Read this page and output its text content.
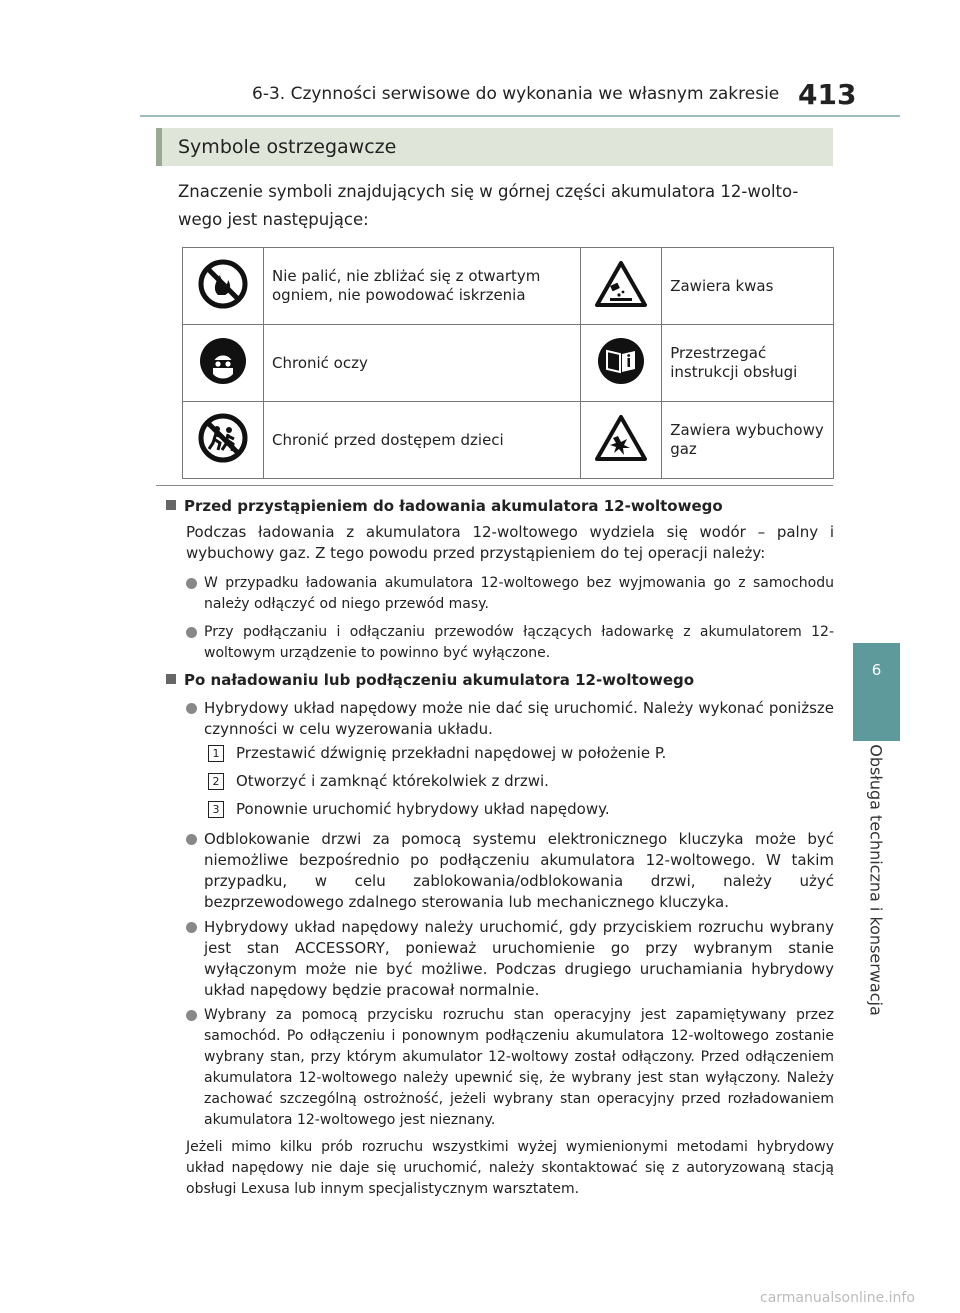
6-3. Czynności serwisowe do wykonania we własnym zakresie 413
6
Obsługa techniczna i konserwacja
Symbole ostrzegawcze
Znaczenie symboli znajdujących się w górnej części akumulatora 12-wolto-wego jest następujące:
	Nie palić, nie zbliżać się z otwartym ogniem, nie powodować iskrzenia		Zawiera kwas
	Chronić oczy		Przestrzegać instrukcji obsługi
	Chronić przed dostępem dzieci		Zawiera wybuchowy gaz
Przed przystąpieniem do ładowania akumulatora 12-woltowego
Podczas ładowania z akumulatora 12-woltowego wydziela się wodór – palny i wybuchowy gaz. Z tego powodu przed przystąpieniem do tej operacji należy:
W przypadku ładowania akumulatora 12-woltowego bez wyjmowania go z samochodu należy odłączyć od niego przewód masy.
Przy podłączaniu i odłączaniu przewodów łączących ładowarkę z akumulatorem 12-woltowym urządzenie to powinno być wyłączone.
Po naładowaniu lub podłączeniu akumulatora 12-woltowego
Hybrydowy układ napędowy może nie dać się uruchomić. Należy wykonać poniższe czynności w celu wyzerowania układu.
1 Przestawić dźwignię przekładni napędowej w położenie P.
2 Otworzyć i zamknąć którekolwiek z drzwi.
3 Ponownie uruchomić hybrydowy układ napędowy.
Odblokowanie drzwi za pomocą systemu elektronicznego kluczyka może być niemożliwe bezpośrednio po podłączeniu akumulatora 12-woltowego. W takim przypadku, w celu zablokowania/odblokowania drzwi, należy użyć bezprzewodowego zdalnego sterowania lub mechanicznego kluczyka.
Hybrydowy układ napędowy należy uruchomić, gdy przyciskiem rozruchu wybrany jest stan ACCESSORY, ponieważ uruchomienie go przy wybranym stanie wyłączonym może nie być możliwe. Podczas drugiego uruchamiania hybrydowy układ napędowy będzie pracował normalnie.
Wybrany za pomocą przycisku rozruchu stan operacyjny jest zapamiętywany przez samochód. Po odłączeniu i ponownym podłączeniu akumulatora 12-woltowego zostanie wybrany stan, przy którym akumulator 12-woltowy został odłączony. Przed odłączeniem akumulatora 12-woltowego należy upewnić się, że wybrany jest stan wyłączony. Należy zachować szczególną ostrożność, jeżeli wybrany stan operacyjny przed rozładowaniem akumulatora 12-woltowego jest nieznany.
Jeżeli mimo kilku prób rozruchu wszystkimi wyżej wymienionymi metodami hybrydowy układ napędowy nie daje się uruchomić, należy skontaktować się z autoryzowaną stacją obsługi Lexusa lub innym specjalistycznym warsztatem.
carmanualsonline.info
